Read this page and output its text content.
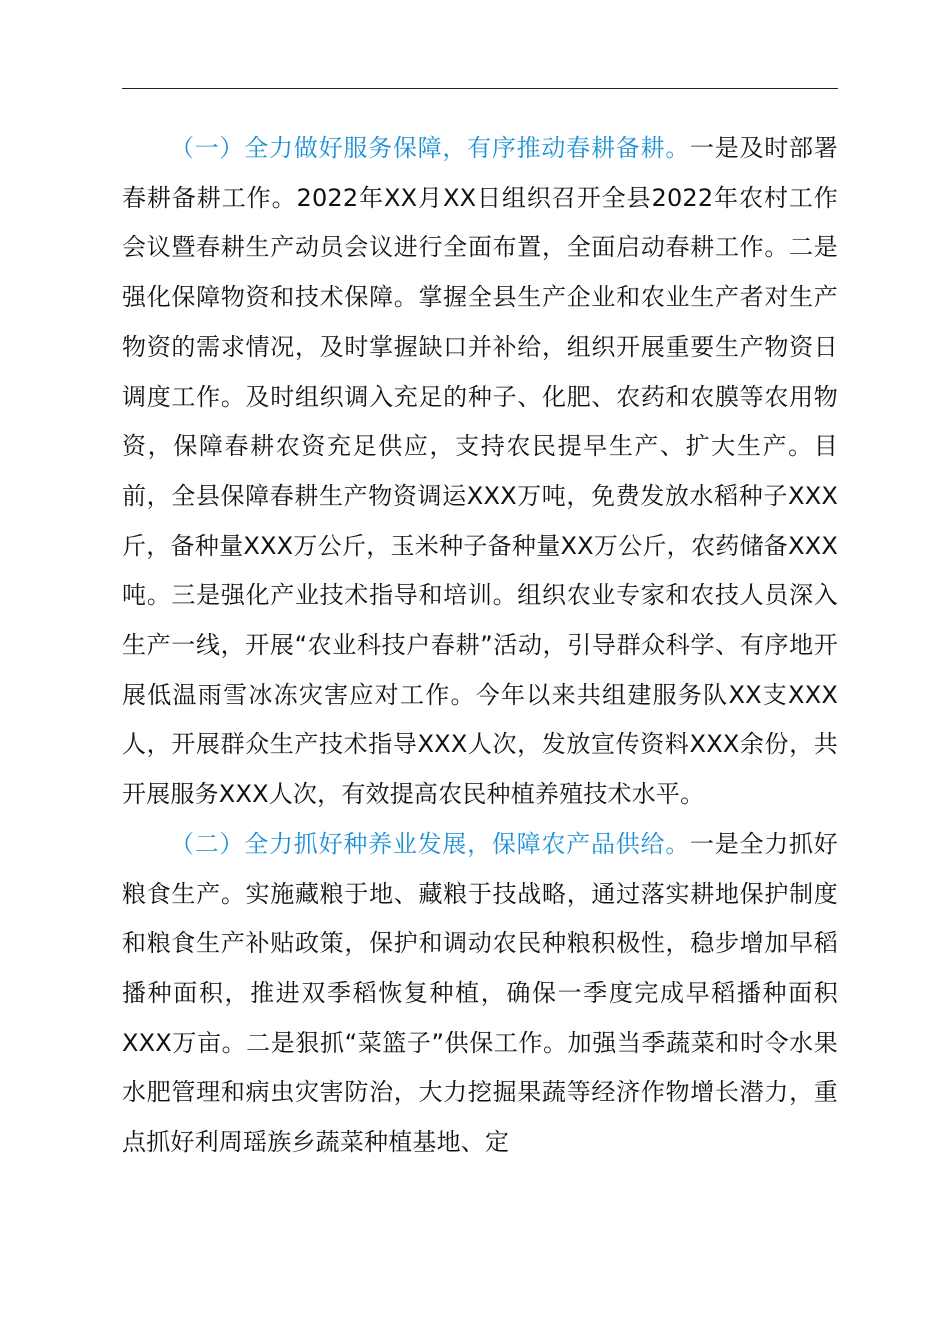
（一）全力做好服务保障，有序推动春耕备耕。一是及时部署春耕备耕工作。2022年XX月XX日组织召开全县2022年农村工作会议暨春耕生产动员会议进行全面布置，全面启动春耕工作。二是强化保障物资和技术保障。掌握全县生产企业和农业生产者对生产物资的需求情况，及时掌握缺口并补给，组织开展重要生产物资日调度工作。及时组织调入充足的种子、化肥、农药和农膜等农用物资，保障春耕农资充足供应，支持农民提早生产、扩大生产。目前，全县保障春耕生产物资调运XXX万吨，免费发放水稻种子XXX斤，备种量XXX万公斤，玉米种子备种量XX万公斤，农药储备XXX吨。三是强化产业技术指导和培训。组织农业专家和农技人员深入生产一线，开展“农业科技户春耕”活动，引导群众科学、有序地开展低温雨雪冰冻灾害应对工作。今年以来共组建服务队XX支XXX人，开展群众生产技术指导XXX人次，发放宣传资料XXX余份，共开展服务XXX人次，有效提高农民种植养殖技术水平。

（二）全力抓好种养业发展，保障农产品供给。一是全力抓好粮食生产。实施藏粮于地、藏粮于技战略，通过落实耕地保护制度和粮食生产补贴政策，保护和调动农民种粮积极性，稳步增加早稻播种面积，推进双季稻恢复种植，确保一季度完成早稻播种面积XXX万亩。二是狠抓“菜篮子”供保工作。加强当季蔬菜和时令水果水肥管理和病虫灾害防治，大力挖掘果蔬等经济作物增长潜力，重点抓好利周瑶族乡蔬菜种植基地、定
